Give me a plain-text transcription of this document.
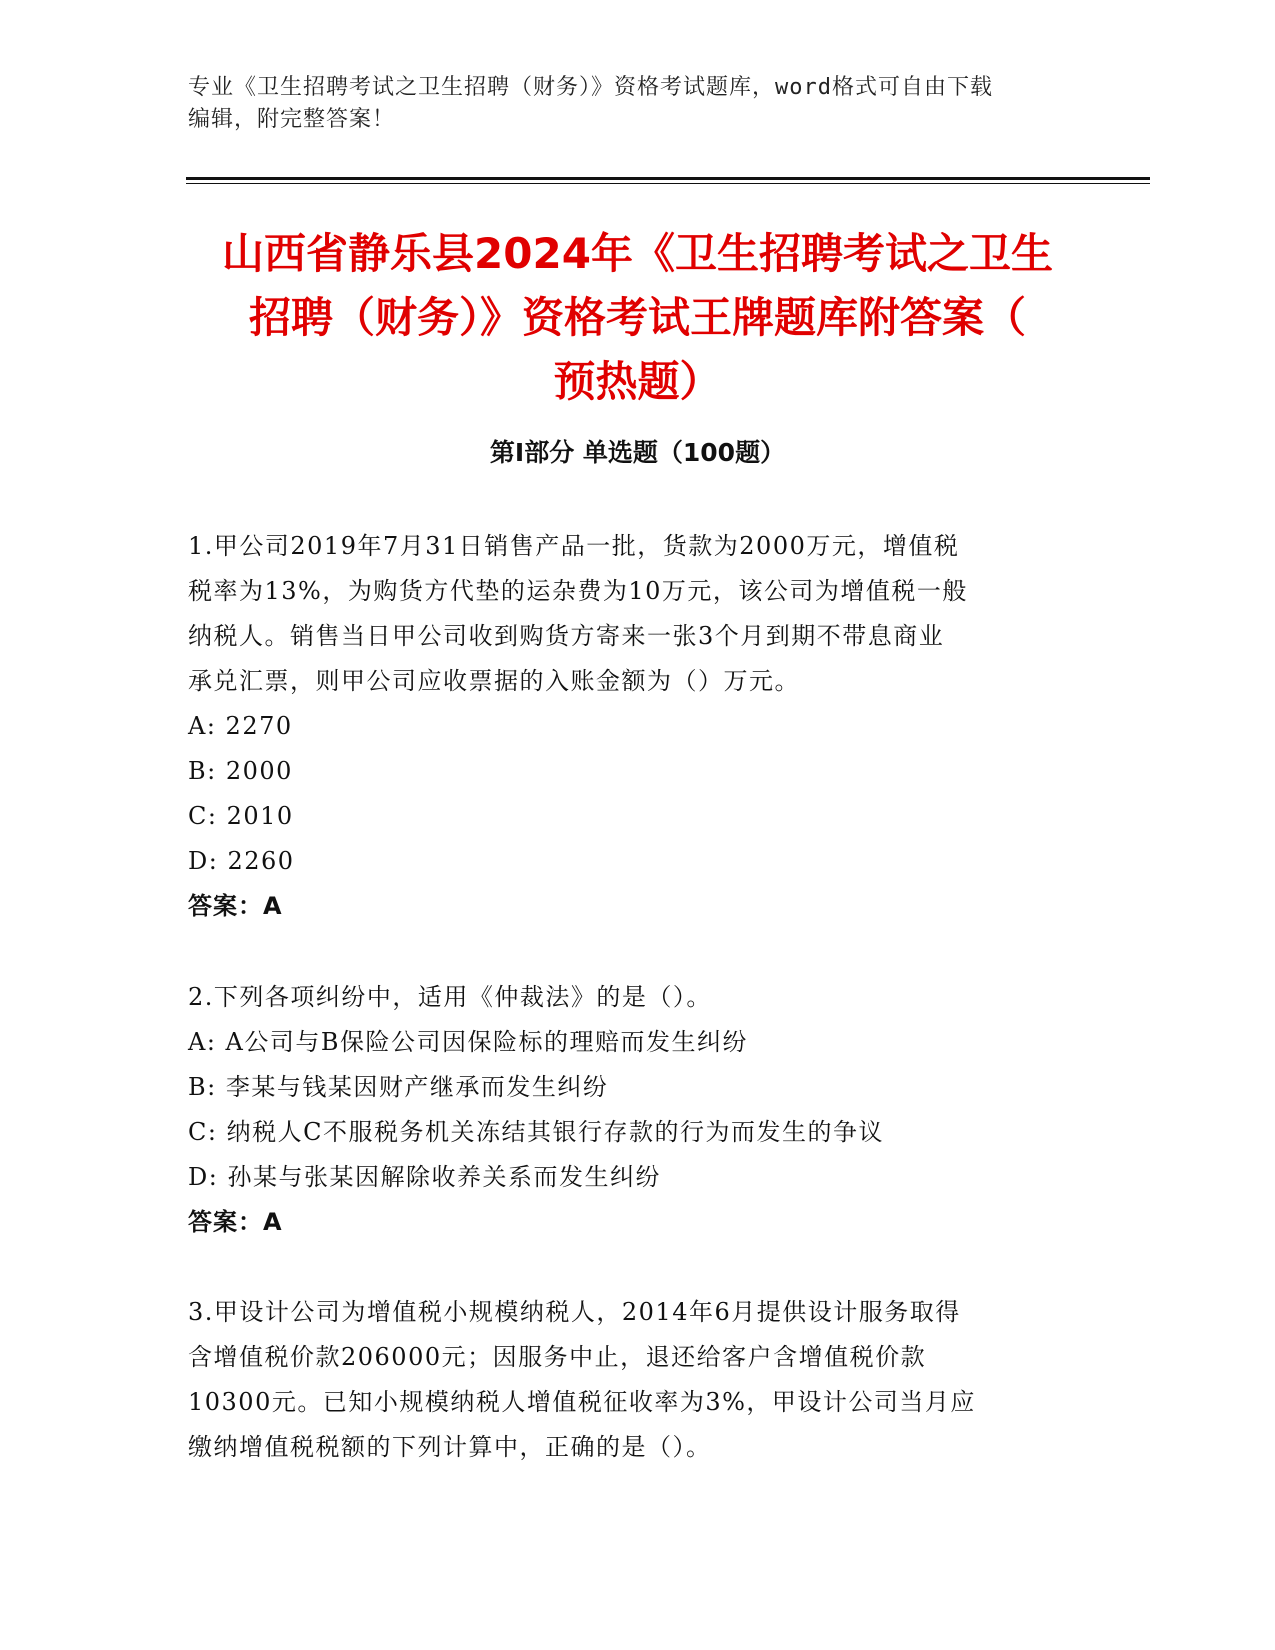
专业《卫生招聘考试之卫生招聘（财务）》资格考试题库，word格式可自由下载
编辑，附完整答案！
山西省静乐县2024年《卫生招聘考试之卫生
招聘（财务）》资格考试王牌题库附答案（
预热题）
第Ⅰ部分 单选题（100题）
1.甲公司2019年7月31日销售产品一批，货款为2000万元，增值税
税率为13%，为购货方代垫的运杂费为10万元，该公司为增值税一般
纳税人。销售当日甲公司收到购货方寄来一张3个月到期不带息商业
承兑汇票，则甲公司应收票据的入账金额为（）万元。
A: 2270
B: 2000
C: 2010
D: 2260
答案：A
2.下列各项纠纷中，适用《仲裁法》的是（）。
A: A公司与B保险公司因保险标的理赔而发生纠纷
B: 李某与钱某因财产继承而发生纠纷
C: 纳税人C不服税务机关冻结其银行存款的行为而发生的争议
D: 孙某与张某因解除收养关系而发生纠纷
答案：A
3.甲设计公司为增值税小规模纳税人，2014年6月提供设计服务取得
含增值税价款206000元；因服务中止，退还给客户含增值税价款
10300元。已知小规模纳税人增值税征收率为3%，甲设计公司当月应
缴纳增值税税额的下列计算中，正确的是（）。
